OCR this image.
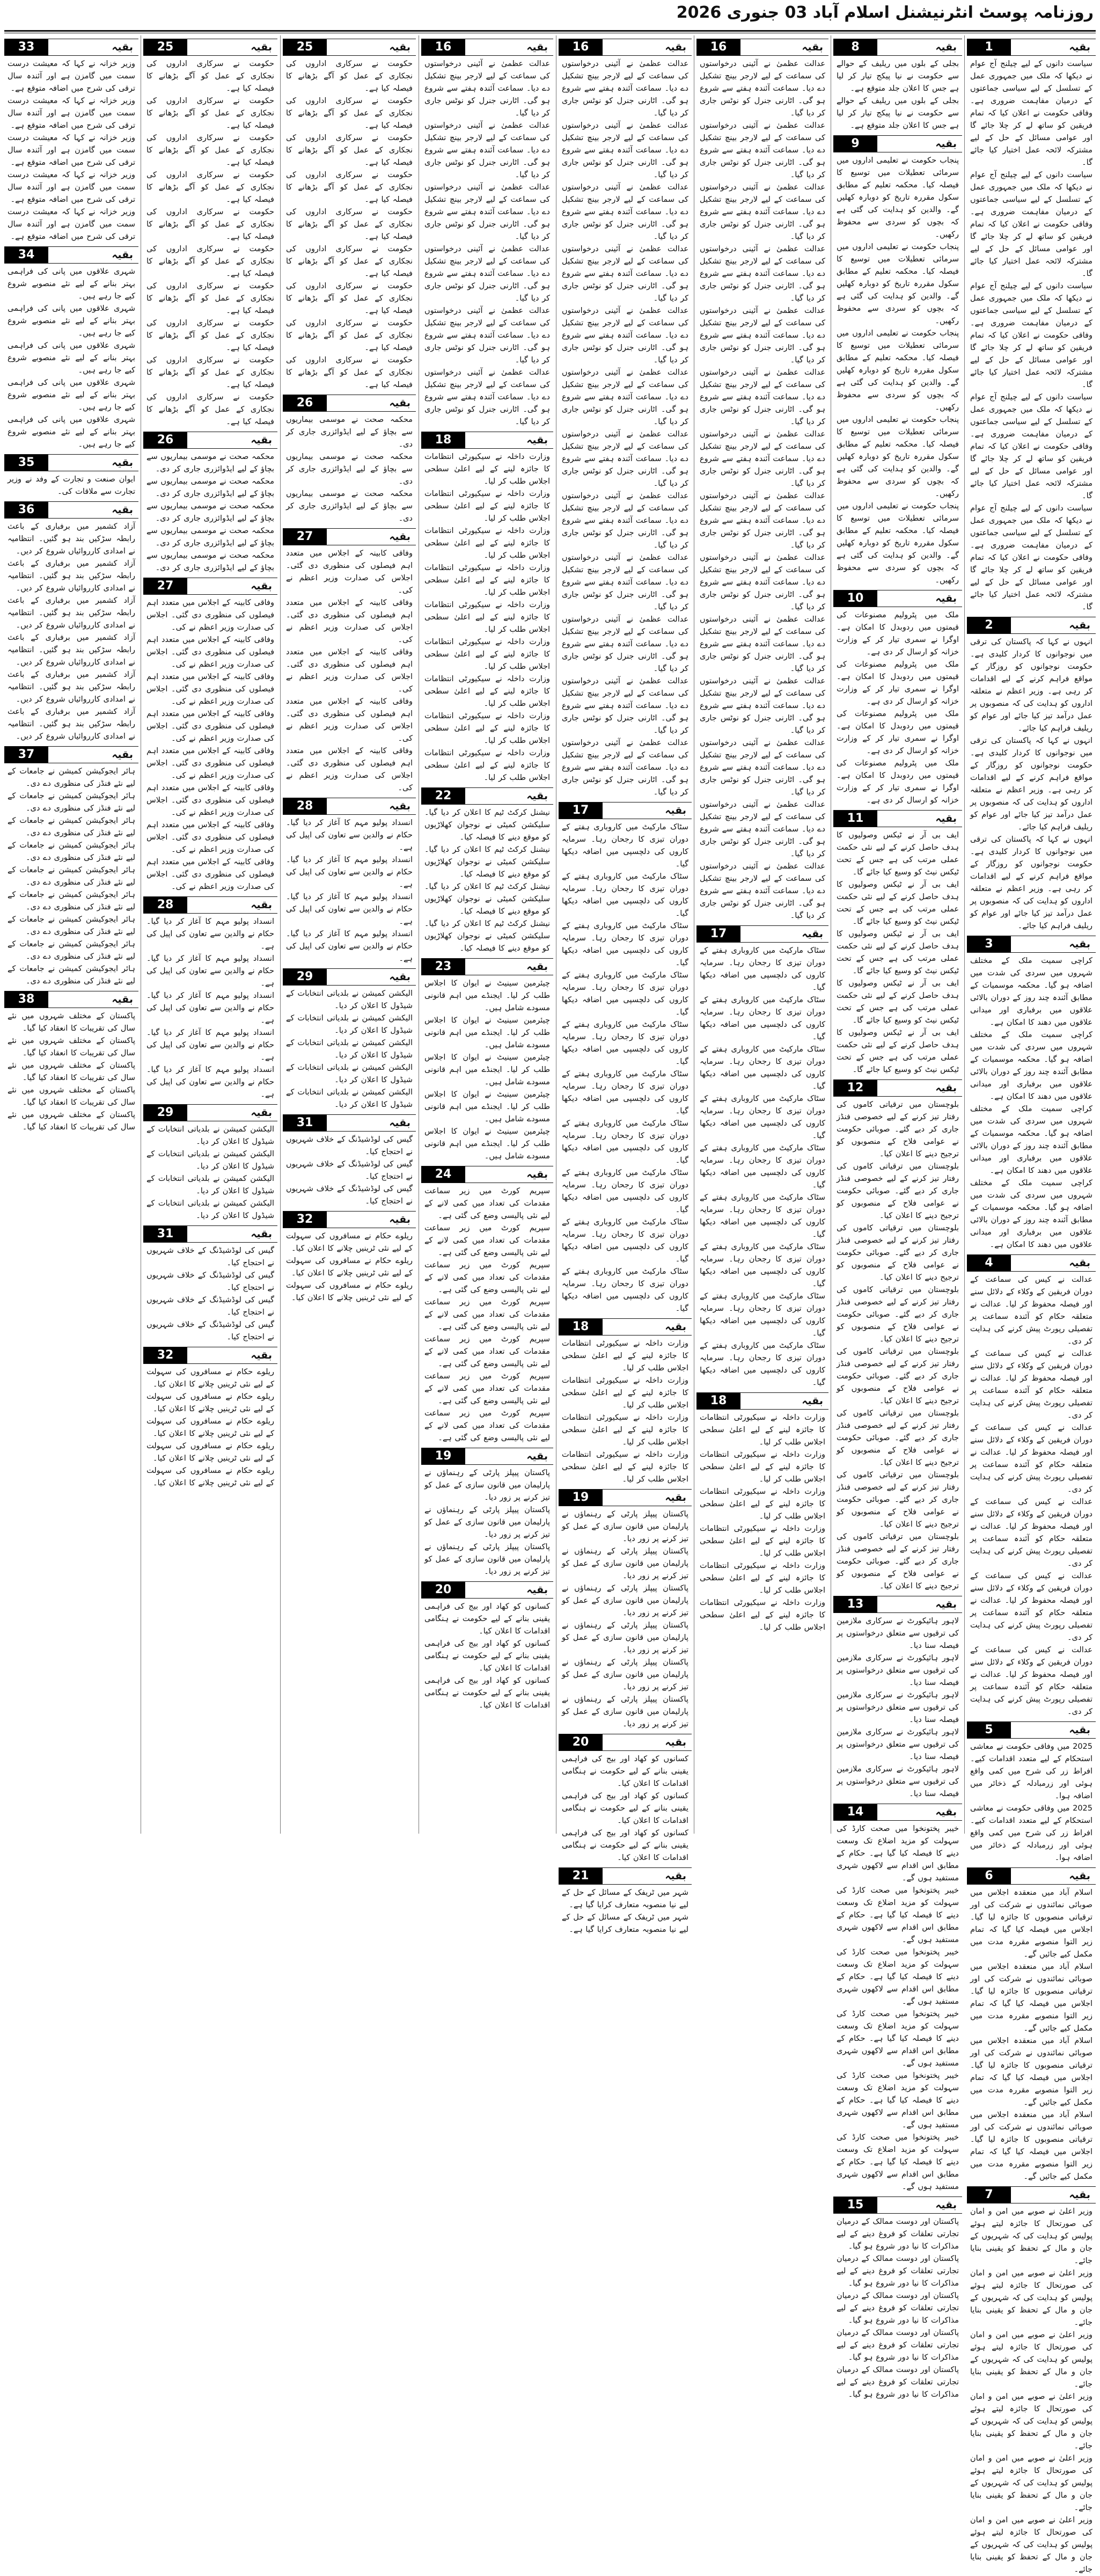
روزنامہ پوسٹ انٹرنیشنل اسلام آباد 03 جنوری 2026
بقیہ
1

سیاست دانوں کے لیے چیلنج آج عوام نے دیکھا کہ ملک میں جمہوری عمل کے تسلسل کے لیے سیاسی جماعتوں کے درمیان مفاہمت ضروری ہے۔ وفاقی حکومت نے اعلان کیا کہ تمام فریقین کو ساتھ لے کر چلا جائے گا اور عوامی مسائل کے حل کے لیے مشترکہ لائحہ عمل اختیار کیا جائے گا۔

سیاست دانوں کے لیے چیلنج آج عوام نے دیکھا کہ ملک میں جمہوری عمل کے تسلسل کے لیے سیاسی جماعتوں کے درمیان مفاہمت ضروری ہے۔ وفاقی حکومت نے اعلان کیا کہ تمام فریقین کو ساتھ لے کر چلا جائے گا اور عوامی مسائل کے حل کے لیے مشترکہ لائحہ عمل اختیار کیا جائے گا۔

سیاست دانوں کے لیے چیلنج آج عوام نے دیکھا کہ ملک میں جمہوری عمل کے تسلسل کے لیے سیاسی جماعتوں کے درمیان مفاہمت ضروری ہے۔ وفاقی حکومت نے اعلان کیا کہ تمام فریقین کو ساتھ لے کر چلا جائے گا اور عوامی مسائل کے حل کے لیے مشترکہ لائحہ عمل اختیار کیا جائے گا۔

سیاست دانوں کے لیے چیلنج آج عوام نے دیکھا کہ ملک میں جمہوری عمل کے تسلسل کے لیے سیاسی جماعتوں کے درمیان مفاہمت ضروری ہے۔ وفاقی حکومت نے اعلان کیا کہ تمام فریقین کو ساتھ لے کر چلا جائے گا اور عوامی مسائل کے حل کے لیے مشترکہ لائحہ عمل اختیار کیا جائے گا۔

سیاست دانوں کے لیے چیلنج آج عوام نے دیکھا کہ ملک میں جمہوری عمل کے تسلسل کے لیے سیاسی جماعتوں کے درمیان مفاہمت ضروری ہے۔ وفاقی حکومت نے اعلان کیا کہ تمام فریقین کو ساتھ لے کر چلا جائے گا اور عوامی مسائل کے حل کے لیے مشترکہ لائحہ عمل اختیار کیا جائے گا۔

بقیہ
2

انہوں نے کہا کہ پاکستان کی ترقی میں نوجوانوں کا کردار کلیدی ہے۔ حکومت نوجوانوں کو روزگار کے مواقع فراہم کرنے کے لیے اقدامات کر رہی ہے۔ وزیر اعظم نے متعلقہ اداروں کو ہدایت کی کہ منصوبوں پر عمل درآمد تیز کیا جائے اور عوام کو ریلیف فراہم کیا جائے۔

انہوں نے کہا کہ پاکستان کی ترقی میں نوجوانوں کا کردار کلیدی ہے۔ حکومت نوجوانوں کو روزگار کے مواقع فراہم کرنے کے لیے اقدامات کر رہی ہے۔ وزیر اعظم نے متعلقہ اداروں کو ہدایت کی کہ منصوبوں پر عمل درآمد تیز کیا جائے اور عوام کو ریلیف فراہم کیا جائے۔

انہوں نے کہا کہ پاکستان کی ترقی میں نوجوانوں کا کردار کلیدی ہے۔ حکومت نوجوانوں کو روزگار کے مواقع فراہم کرنے کے لیے اقدامات کر رہی ہے۔ وزیر اعظم نے متعلقہ اداروں کو ہدایت کی کہ منصوبوں پر عمل درآمد تیز کیا جائے اور عوام کو ریلیف فراہم کیا جائے۔

بقیہ
3

کراچی سمیت ملک کے مختلف شہروں میں سردی کی شدت میں اضافہ ہو گیا۔ محکمہ موسمیات کے مطابق آئندہ چند روز کے دوران بالائی علاقوں میں برفباری اور میدانی علاقوں میں دھند کا امکان ہے۔

کراچی سمیت ملک کے مختلف شہروں میں سردی کی شدت میں اضافہ ہو گیا۔ محکمہ موسمیات کے مطابق آئندہ چند روز کے دوران بالائی علاقوں میں برفباری اور میدانی علاقوں میں دھند کا امکان ہے۔

کراچی سمیت ملک کے مختلف شہروں میں سردی کی شدت میں اضافہ ہو گیا۔ محکمہ موسمیات کے مطابق آئندہ چند روز کے دوران بالائی علاقوں میں برفباری اور میدانی علاقوں میں دھند کا امکان ہے۔

کراچی سمیت ملک کے مختلف شہروں میں سردی کی شدت میں اضافہ ہو گیا۔ محکمہ موسمیات کے مطابق آئندہ چند روز کے دوران بالائی علاقوں میں برفباری اور میدانی علاقوں میں دھند کا امکان ہے۔

بقیہ
4

عدالت نے کیس کی سماعت کے دوران فریقین کے وکلاء کے دلائل سنے اور فیصلہ محفوظ کر لیا۔ عدالت نے متعلقہ حکام کو آئندہ سماعت پر تفصیلی رپورٹ پیش کرنے کی ہدایت کر دی۔

عدالت نے کیس کی سماعت کے دوران فریقین کے وکلاء کے دلائل سنے اور فیصلہ محفوظ کر لیا۔ عدالت نے متعلقہ حکام کو آئندہ سماعت پر تفصیلی رپورٹ پیش کرنے کی ہدایت کر دی۔

عدالت نے کیس کی سماعت کے دوران فریقین کے وکلاء کے دلائل سنے اور فیصلہ محفوظ کر لیا۔ عدالت نے متعلقہ حکام کو آئندہ سماعت پر تفصیلی رپورٹ پیش کرنے کی ہدایت کر دی۔

عدالت نے کیس کی سماعت کے دوران فریقین کے وکلاء کے دلائل سنے اور فیصلہ محفوظ کر لیا۔ عدالت نے متعلقہ حکام کو آئندہ سماعت پر تفصیلی رپورٹ پیش کرنے کی ہدایت کر دی۔

عدالت نے کیس کی سماعت کے دوران فریقین کے وکلاء کے دلائل سنے اور فیصلہ محفوظ کر لیا۔ عدالت نے متعلقہ حکام کو آئندہ سماعت پر تفصیلی رپورٹ پیش کرنے کی ہدایت کر دی۔

عدالت نے کیس کی سماعت کے دوران فریقین کے وکلاء کے دلائل سنے اور فیصلہ محفوظ کر لیا۔ عدالت نے متعلقہ حکام کو آئندہ سماعت پر تفصیلی رپورٹ پیش کرنے کی ہدایت کر دی۔

بقیہ
5

2025 میں وفاقی حکومت نے معاشی استحکام کے لیے متعدد اقدامات کیے۔ افراط زر کی شرح میں کمی واقع ہوئی اور زرمبادلہ کے ذخائر میں اضافہ ہوا۔

2025 میں وفاقی حکومت نے معاشی استحکام کے لیے متعدد اقدامات کیے۔ افراط زر کی شرح میں کمی واقع ہوئی اور زرمبادلہ کے ذخائر میں اضافہ ہوا۔

بقیہ
6

اسلام آباد میں منعقدہ اجلاس میں صوبائی نمائندوں نے شرکت کی اور ترقیاتی منصوبوں کا جائزہ لیا گیا۔ اجلاس میں فیصلہ کیا گیا کہ تمام زیر التوا منصوبے مقررہ مدت میں مکمل کیے جائیں گے۔

اسلام آباد میں منعقدہ اجلاس میں صوبائی نمائندوں نے شرکت کی اور ترقیاتی منصوبوں کا جائزہ لیا گیا۔ اجلاس میں فیصلہ کیا گیا کہ تمام زیر التوا منصوبے مقررہ مدت میں مکمل کیے جائیں گے۔

اسلام آباد میں منعقدہ اجلاس میں صوبائی نمائندوں نے شرکت کی اور ترقیاتی منصوبوں کا جائزہ لیا گیا۔ اجلاس میں فیصلہ کیا گیا کہ تمام زیر التوا منصوبے مقررہ مدت میں مکمل کیے جائیں گے۔

اسلام آباد میں منعقدہ اجلاس میں صوبائی نمائندوں نے شرکت کی اور ترقیاتی منصوبوں کا جائزہ لیا گیا۔ اجلاس میں فیصلہ کیا گیا کہ تمام زیر التوا منصوبے مقررہ مدت میں مکمل کیے جائیں گے۔

بقیہ
7

وزیر اعلیٰ نے صوبے میں امن و امان کی صورتحال کا جائزہ لیتے ہوئے پولیس کو ہدایت کی کہ شہریوں کے جان و مال کے تحفظ کو یقینی بنایا جائے۔

وزیر اعلیٰ نے صوبے میں امن و امان کی صورتحال کا جائزہ لیتے ہوئے پولیس کو ہدایت کی کہ شہریوں کے جان و مال کے تحفظ کو یقینی بنایا جائے۔

وزیر اعلیٰ نے صوبے میں امن و امان کی صورتحال کا جائزہ لیتے ہوئے پولیس کو ہدایت کی کہ شہریوں کے جان و مال کے تحفظ کو یقینی بنایا جائے۔

وزیر اعلیٰ نے صوبے میں امن و امان کی صورتحال کا جائزہ لیتے ہوئے پولیس کو ہدایت کی کہ شہریوں کے جان و مال کے تحفظ کو یقینی بنایا جائے۔

وزیر اعلیٰ نے صوبے میں امن و امان کی صورتحال کا جائزہ لیتے ہوئے پولیس کو ہدایت کی کہ شہریوں کے جان و مال کے تحفظ کو یقینی بنایا جائے۔

وزیر اعلیٰ نے صوبے میں امن و امان کی صورتحال کا جائزہ لیتے ہوئے پولیس کو ہدایت کی کہ شہریوں کے جان و مال کے تحفظ کو یقینی بنایا جائے۔

بقیہ
8

بجلی کے بلوں میں ریلیف کے حوالے سے حکومت نے نیا پیکج تیار کر لیا ہے جس کا اعلان جلد متوقع ہے۔

بجلی کے بلوں میں ریلیف کے حوالے سے حکومت نے نیا پیکج تیار کر لیا ہے جس کا اعلان جلد متوقع ہے۔

بقیہ
9

پنجاب حکومت نے تعلیمی اداروں میں سرمائی تعطیلات میں توسیع کا فیصلہ کیا۔ محکمہ تعلیم کے مطابق سکول مقررہ تاریخ کو دوبارہ کھلیں گے۔ والدین کو ہدایت کی گئی ہے کہ بچوں کو سردی سے محفوظ رکھیں۔

پنجاب حکومت نے تعلیمی اداروں میں سرمائی تعطیلات میں توسیع کا فیصلہ کیا۔ محکمہ تعلیم کے مطابق سکول مقررہ تاریخ کو دوبارہ کھلیں گے۔ والدین کو ہدایت کی گئی ہے کہ بچوں کو سردی سے محفوظ رکھیں۔

پنجاب حکومت نے تعلیمی اداروں میں سرمائی تعطیلات میں توسیع کا فیصلہ کیا۔ محکمہ تعلیم کے مطابق سکول مقررہ تاریخ کو دوبارہ کھلیں گے۔ والدین کو ہدایت کی گئی ہے کہ بچوں کو سردی سے محفوظ رکھیں۔

پنجاب حکومت نے تعلیمی اداروں میں سرمائی تعطیلات میں توسیع کا فیصلہ کیا۔ محکمہ تعلیم کے مطابق سکول مقررہ تاریخ کو دوبارہ کھلیں گے۔ والدین کو ہدایت کی گئی ہے کہ بچوں کو سردی سے محفوظ رکھیں۔

پنجاب حکومت نے تعلیمی اداروں میں سرمائی تعطیلات میں توسیع کا فیصلہ کیا۔ محکمہ تعلیم کے مطابق سکول مقررہ تاریخ کو دوبارہ کھلیں گے۔ والدین کو ہدایت کی گئی ہے کہ بچوں کو سردی سے محفوظ رکھیں۔

بقیہ
10

ملک میں پٹرولیم مصنوعات کی قیمتوں میں ردوبدل کا امکان ہے۔ اوگرا نے سمری تیار کر کے وزارت خزانہ کو ارسال کر دی ہے۔

ملک میں پٹرولیم مصنوعات کی قیمتوں میں ردوبدل کا امکان ہے۔ اوگرا نے سمری تیار کر کے وزارت خزانہ کو ارسال کر دی ہے۔

ملک میں پٹرولیم مصنوعات کی قیمتوں میں ردوبدل کا امکان ہے۔ اوگرا نے سمری تیار کر کے وزارت خزانہ کو ارسال کر دی ہے۔

ملک میں پٹرولیم مصنوعات کی قیمتوں میں ردوبدل کا امکان ہے۔ اوگرا نے سمری تیار کر کے وزارت خزانہ کو ارسال کر دی ہے۔

بقیہ
11

ایف بی آر نے ٹیکس وصولیوں کا ہدف حاصل کرنے کے لیے نئی حکمت عملی مرتب کی ہے جس کے تحت ٹیکس نیٹ کو وسیع کیا جائے گا۔

ایف بی آر نے ٹیکس وصولیوں کا ہدف حاصل کرنے کے لیے نئی حکمت عملی مرتب کی ہے جس کے تحت ٹیکس نیٹ کو وسیع کیا جائے گا۔

ایف بی آر نے ٹیکس وصولیوں کا ہدف حاصل کرنے کے لیے نئی حکمت عملی مرتب کی ہے جس کے تحت ٹیکس نیٹ کو وسیع کیا جائے گا۔

ایف بی آر نے ٹیکس وصولیوں کا ہدف حاصل کرنے کے لیے نئی حکمت عملی مرتب کی ہے جس کے تحت ٹیکس نیٹ کو وسیع کیا جائے گا۔

ایف بی آر نے ٹیکس وصولیوں کا ہدف حاصل کرنے کے لیے نئی حکمت عملی مرتب کی ہے جس کے تحت ٹیکس نیٹ کو وسیع کیا جائے گا۔

بقیہ
12

بلوچستان میں ترقیاتی کاموں کی رفتار تیز کرنے کے لیے خصوصی فنڈز جاری کر دیے گئے۔ صوبائی حکومت نے عوامی فلاح کے منصوبوں کو ترجیح دینے کا اعلان کیا۔

بلوچستان میں ترقیاتی کاموں کی رفتار تیز کرنے کے لیے خصوصی فنڈز جاری کر دیے گئے۔ صوبائی حکومت نے عوامی فلاح کے منصوبوں کو ترجیح دینے کا اعلان کیا۔

بلوچستان میں ترقیاتی کاموں کی رفتار تیز کرنے کے لیے خصوصی فنڈز جاری کر دیے گئے۔ صوبائی حکومت نے عوامی فلاح کے منصوبوں کو ترجیح دینے کا اعلان کیا۔

بلوچستان میں ترقیاتی کاموں کی رفتار تیز کرنے کے لیے خصوصی فنڈز جاری کر دیے گئے۔ صوبائی حکومت نے عوامی فلاح کے منصوبوں کو ترجیح دینے کا اعلان کیا۔

بلوچستان میں ترقیاتی کاموں کی رفتار تیز کرنے کے لیے خصوصی فنڈز جاری کر دیے گئے۔ صوبائی حکومت نے عوامی فلاح کے منصوبوں کو ترجیح دینے کا اعلان کیا۔

بلوچستان میں ترقیاتی کاموں کی رفتار تیز کرنے کے لیے خصوصی فنڈز جاری کر دیے گئے۔ صوبائی حکومت نے عوامی فلاح کے منصوبوں کو ترجیح دینے کا اعلان کیا۔

بلوچستان میں ترقیاتی کاموں کی رفتار تیز کرنے کے لیے خصوصی فنڈز جاری کر دیے گئے۔ صوبائی حکومت نے عوامی فلاح کے منصوبوں کو ترجیح دینے کا اعلان کیا۔

بلوچستان میں ترقیاتی کاموں کی رفتار تیز کرنے کے لیے خصوصی فنڈز جاری کر دیے گئے۔ صوبائی حکومت نے عوامی فلاح کے منصوبوں کو ترجیح دینے کا اعلان کیا۔

بقیہ
13

لاہور ہائیکورٹ نے سرکاری ملازمین کی ترقیوں سے متعلق درخواستوں پر فیصلہ سنا دیا۔

لاہور ہائیکورٹ نے سرکاری ملازمین کی ترقیوں سے متعلق درخواستوں پر فیصلہ سنا دیا۔

لاہور ہائیکورٹ نے سرکاری ملازمین کی ترقیوں سے متعلق درخواستوں پر فیصلہ سنا دیا۔

لاہور ہائیکورٹ نے سرکاری ملازمین کی ترقیوں سے متعلق درخواستوں پر فیصلہ سنا دیا۔

لاہور ہائیکورٹ نے سرکاری ملازمین کی ترقیوں سے متعلق درخواستوں پر فیصلہ سنا دیا۔

بقیہ
14

خیبر پختونخوا میں صحت کارڈ کی سہولت کو مزید اضلاع تک وسعت دینے کا فیصلہ کیا گیا ہے۔ حکام کے مطابق اس اقدام سے لاکھوں شہری مستفید ہوں گے۔

خیبر پختونخوا میں صحت کارڈ کی سہولت کو مزید اضلاع تک وسعت دینے کا فیصلہ کیا گیا ہے۔ حکام کے مطابق اس اقدام سے لاکھوں شہری مستفید ہوں گے۔

خیبر پختونخوا میں صحت کارڈ کی سہولت کو مزید اضلاع تک وسعت دینے کا فیصلہ کیا گیا ہے۔ حکام کے مطابق اس اقدام سے لاکھوں شہری مستفید ہوں گے۔

خیبر پختونخوا میں صحت کارڈ کی سہولت کو مزید اضلاع تک وسعت دینے کا فیصلہ کیا گیا ہے۔ حکام کے مطابق اس اقدام سے لاکھوں شہری مستفید ہوں گے۔

خیبر پختونخوا میں صحت کارڈ کی سہولت کو مزید اضلاع تک وسعت دینے کا فیصلہ کیا گیا ہے۔ حکام کے مطابق اس اقدام سے لاکھوں شہری مستفید ہوں گے۔

خیبر پختونخوا میں صحت کارڈ کی سہولت کو مزید اضلاع تک وسعت دینے کا فیصلہ کیا گیا ہے۔ حکام کے مطابق اس اقدام سے لاکھوں شہری مستفید ہوں گے۔

بقیہ
15

پاکستان اور دوست ممالک کے درمیان تجارتی تعلقات کو فروغ دینے کے لیے مذاکرات کا نیا دور شروع ہو گیا۔

پاکستان اور دوست ممالک کے درمیان تجارتی تعلقات کو فروغ دینے کے لیے مذاکرات کا نیا دور شروع ہو گیا۔

پاکستان اور دوست ممالک کے درمیان تجارتی تعلقات کو فروغ دینے کے لیے مذاکرات کا نیا دور شروع ہو گیا۔

پاکستان اور دوست ممالک کے درمیان تجارتی تعلقات کو فروغ دینے کے لیے مذاکرات کا نیا دور شروع ہو گیا۔

پاکستان اور دوست ممالک کے درمیان تجارتی تعلقات کو فروغ دینے کے لیے مذاکرات کا نیا دور شروع ہو گیا۔

بقیہ
16

عدالت عظمیٰ نے آئینی درخواستوں کی سماعت کے لیے لارجر بینچ تشکیل دے دیا۔ سماعت آئندہ ہفتے سے شروع ہو گی۔ اٹارنی جنرل کو نوٹس جاری کر دیا گیا۔

عدالت عظمیٰ نے آئینی درخواستوں کی سماعت کے لیے لارجر بینچ تشکیل دے دیا۔ سماعت آئندہ ہفتے سے شروع ہو گی۔ اٹارنی جنرل کو نوٹس جاری کر دیا گیا۔

عدالت عظمیٰ نے آئینی درخواستوں کی سماعت کے لیے لارجر بینچ تشکیل دے دیا۔ سماعت آئندہ ہفتے سے شروع ہو گی۔ اٹارنی جنرل کو نوٹس جاری کر دیا گیا۔

عدالت عظمیٰ نے آئینی درخواستوں کی سماعت کے لیے لارجر بینچ تشکیل دے دیا۔ سماعت آئندہ ہفتے سے شروع ہو گی۔ اٹارنی جنرل کو نوٹس جاری کر دیا گیا۔

عدالت عظمیٰ نے آئینی درخواستوں کی سماعت کے لیے لارجر بینچ تشکیل دے دیا۔ سماعت آئندہ ہفتے سے شروع ہو گی۔ اٹارنی جنرل کو نوٹس جاری کر دیا گیا۔

عدالت عظمیٰ نے آئینی درخواستوں کی سماعت کے لیے لارجر بینچ تشکیل دے دیا۔ سماعت آئندہ ہفتے سے شروع ہو گی۔ اٹارنی جنرل کو نوٹس جاری کر دیا گیا۔

عدالت عظمیٰ نے آئینی درخواستوں کی سماعت کے لیے لارجر بینچ تشکیل دے دیا۔ سماعت آئندہ ہفتے سے شروع ہو گی۔ اٹارنی جنرل کو نوٹس جاری کر دیا گیا۔

عدالت عظمیٰ نے آئینی درخواستوں کی سماعت کے لیے لارجر بینچ تشکیل دے دیا۔ سماعت آئندہ ہفتے سے شروع ہو گی۔ اٹارنی جنرل کو نوٹس جاری کر دیا گیا۔

عدالت عظمیٰ نے آئینی درخواستوں کی سماعت کے لیے لارجر بینچ تشکیل دے دیا۔ سماعت آئندہ ہفتے سے شروع ہو گی۔ اٹارنی جنرل کو نوٹس جاری کر دیا گیا۔

عدالت عظمیٰ نے آئینی درخواستوں کی سماعت کے لیے لارجر بینچ تشکیل دے دیا۔ سماعت آئندہ ہفتے سے شروع ہو گی۔ اٹارنی جنرل کو نوٹس جاری کر دیا گیا۔

عدالت عظمیٰ نے آئینی درخواستوں کی سماعت کے لیے لارجر بینچ تشکیل دے دیا۔ سماعت آئندہ ہفتے سے شروع ہو گی۔ اٹارنی جنرل کو نوٹس جاری کر دیا گیا۔

عدالت عظمیٰ نے آئینی درخواستوں کی سماعت کے لیے لارجر بینچ تشکیل دے دیا۔ سماعت آئندہ ہفتے سے شروع ہو گی۔ اٹارنی جنرل کو نوٹس جاری کر دیا گیا۔

عدالت عظمیٰ نے آئینی درخواستوں کی سماعت کے لیے لارجر بینچ تشکیل دے دیا۔ سماعت آئندہ ہفتے سے شروع ہو گی۔ اٹارنی جنرل کو نوٹس جاری کر دیا گیا۔

عدالت عظمیٰ نے آئینی درخواستوں کی سماعت کے لیے لارجر بینچ تشکیل دے دیا۔ سماعت آئندہ ہفتے سے شروع ہو گی۔ اٹارنی جنرل کو نوٹس جاری کر دیا گیا۔

بقیہ
17

سٹاک مارکیٹ میں کاروباری ہفتے کے دوران تیزی کا رجحان رہا۔ سرمایہ کاروں کی دلچسپی میں اضافہ دیکھا گیا۔

سٹاک مارکیٹ میں کاروباری ہفتے کے دوران تیزی کا رجحان رہا۔ سرمایہ کاروں کی دلچسپی میں اضافہ دیکھا گیا۔

سٹاک مارکیٹ میں کاروباری ہفتے کے دوران تیزی کا رجحان رہا۔ سرمایہ کاروں کی دلچسپی میں اضافہ دیکھا گیا۔

سٹاک مارکیٹ میں کاروباری ہفتے کے دوران تیزی کا رجحان رہا۔ سرمایہ کاروں کی دلچسپی میں اضافہ دیکھا گیا۔

سٹاک مارکیٹ میں کاروباری ہفتے کے دوران تیزی کا رجحان رہا۔ سرمایہ کاروں کی دلچسپی میں اضافہ دیکھا گیا۔

سٹاک مارکیٹ میں کاروباری ہفتے کے دوران تیزی کا رجحان رہا۔ سرمایہ کاروں کی دلچسپی میں اضافہ دیکھا گیا۔

سٹاک مارکیٹ میں کاروباری ہفتے کے دوران تیزی کا رجحان رہا۔ سرمایہ کاروں کی دلچسپی میں اضافہ دیکھا گیا۔

سٹاک مارکیٹ میں کاروباری ہفتے کے دوران تیزی کا رجحان رہا۔ سرمایہ کاروں کی دلچسپی میں اضافہ دیکھا گیا۔

سٹاک مارکیٹ میں کاروباری ہفتے کے دوران تیزی کا رجحان رہا۔ سرمایہ کاروں کی دلچسپی میں اضافہ دیکھا گیا۔

بقیہ
18

وزارت داخلہ نے سیکیورٹی انتظامات کا جائزہ لینے کے لیے اعلیٰ سطحی اجلاس طلب کر لیا۔

وزارت داخلہ نے سیکیورٹی انتظامات کا جائزہ لینے کے لیے اعلیٰ سطحی اجلاس طلب کر لیا۔

وزارت داخلہ نے سیکیورٹی انتظامات کا جائزہ لینے کے لیے اعلیٰ سطحی اجلاس طلب کر لیا۔

وزارت داخلہ نے سیکیورٹی انتظامات کا جائزہ لینے کے لیے اعلیٰ سطحی اجلاس طلب کر لیا۔

وزارت داخلہ نے سیکیورٹی انتظامات کا جائزہ لینے کے لیے اعلیٰ سطحی اجلاس طلب کر لیا۔

وزارت داخلہ نے سیکیورٹی انتظامات کا جائزہ لینے کے لیے اعلیٰ سطحی اجلاس طلب کر لیا۔

بقیہ
16

عدالت عظمیٰ نے آئینی درخواستوں کی سماعت کے لیے لارجر بینچ تشکیل دے دیا۔ سماعت آئندہ ہفتے سے شروع ہو گی۔ اٹارنی جنرل کو نوٹس جاری کر دیا گیا۔

عدالت عظمیٰ نے آئینی درخواستوں کی سماعت کے لیے لارجر بینچ تشکیل دے دیا۔ سماعت آئندہ ہفتے سے شروع ہو گی۔ اٹارنی جنرل کو نوٹس جاری کر دیا گیا۔

عدالت عظمیٰ نے آئینی درخواستوں کی سماعت کے لیے لارجر بینچ تشکیل دے دیا۔ سماعت آئندہ ہفتے سے شروع ہو گی۔ اٹارنی جنرل کو نوٹس جاری کر دیا گیا۔

عدالت عظمیٰ نے آئینی درخواستوں کی سماعت کے لیے لارجر بینچ تشکیل دے دیا۔ سماعت آئندہ ہفتے سے شروع ہو گی۔ اٹارنی جنرل کو نوٹس جاری کر دیا گیا۔

عدالت عظمیٰ نے آئینی درخواستوں کی سماعت کے لیے لارجر بینچ تشکیل دے دیا۔ سماعت آئندہ ہفتے سے شروع ہو گی۔ اٹارنی جنرل کو نوٹس جاری کر دیا گیا۔

عدالت عظمیٰ نے آئینی درخواستوں کی سماعت کے لیے لارجر بینچ تشکیل دے دیا۔ سماعت آئندہ ہفتے سے شروع ہو گی۔ اٹارنی جنرل کو نوٹس جاری کر دیا گیا۔

عدالت عظمیٰ نے آئینی درخواستوں کی سماعت کے لیے لارجر بینچ تشکیل دے دیا۔ سماعت آئندہ ہفتے سے شروع ہو گی۔ اٹارنی جنرل کو نوٹس جاری کر دیا گیا۔

عدالت عظمیٰ نے آئینی درخواستوں کی سماعت کے لیے لارجر بینچ تشکیل دے دیا۔ سماعت آئندہ ہفتے سے شروع ہو گی۔ اٹارنی جنرل کو نوٹس جاری کر دیا گیا۔

عدالت عظمیٰ نے آئینی درخواستوں کی سماعت کے لیے لارجر بینچ تشکیل دے دیا۔ سماعت آئندہ ہفتے سے شروع ہو گی۔ اٹارنی جنرل کو نوٹس جاری کر دیا گیا۔

عدالت عظمیٰ نے آئینی درخواستوں کی سماعت کے لیے لارجر بینچ تشکیل دے دیا۔ سماعت آئندہ ہفتے سے شروع ہو گی۔ اٹارنی جنرل کو نوٹس جاری کر دیا گیا۔

عدالت عظمیٰ نے آئینی درخواستوں کی سماعت کے لیے لارجر بینچ تشکیل دے دیا۔ سماعت آئندہ ہفتے سے شروع ہو گی۔ اٹارنی جنرل کو نوٹس جاری کر دیا گیا۔

عدالت عظمیٰ نے آئینی درخواستوں کی سماعت کے لیے لارجر بینچ تشکیل دے دیا۔ سماعت آئندہ ہفتے سے شروع ہو گی۔ اٹارنی جنرل کو نوٹس جاری کر دیا گیا۔

بقیہ
17

سٹاک مارکیٹ میں کاروباری ہفتے کے دوران تیزی کا رجحان رہا۔ سرمایہ کاروں کی دلچسپی میں اضافہ دیکھا گیا۔

سٹاک مارکیٹ میں کاروباری ہفتے کے دوران تیزی کا رجحان رہا۔ سرمایہ کاروں کی دلچسپی میں اضافہ دیکھا گیا۔

سٹاک مارکیٹ میں کاروباری ہفتے کے دوران تیزی کا رجحان رہا۔ سرمایہ کاروں کی دلچسپی میں اضافہ دیکھا گیا۔

سٹاک مارکیٹ میں کاروباری ہفتے کے دوران تیزی کا رجحان رہا۔ سرمایہ کاروں کی دلچسپی میں اضافہ دیکھا گیا۔

سٹاک مارکیٹ میں کاروباری ہفتے کے دوران تیزی کا رجحان رہا۔ سرمایہ کاروں کی دلچسپی میں اضافہ دیکھا گیا۔

سٹاک مارکیٹ میں کاروباری ہفتے کے دوران تیزی کا رجحان رہا۔ سرمایہ کاروں کی دلچسپی میں اضافہ دیکھا گیا۔

سٹاک مارکیٹ میں کاروباری ہفتے کے دوران تیزی کا رجحان رہا۔ سرمایہ کاروں کی دلچسپی میں اضافہ دیکھا گیا۔

سٹاک مارکیٹ میں کاروباری ہفتے کے دوران تیزی کا رجحان رہا۔ سرمایہ کاروں کی دلچسپی میں اضافہ دیکھا گیا۔

سٹاک مارکیٹ میں کاروباری ہفتے کے دوران تیزی کا رجحان رہا۔ سرمایہ کاروں کی دلچسپی میں اضافہ دیکھا گیا۔

سٹاک مارکیٹ میں کاروباری ہفتے کے دوران تیزی کا رجحان رہا۔ سرمایہ کاروں کی دلچسپی میں اضافہ دیکھا گیا۔

بقیہ
18

وزارت داخلہ نے سیکیورٹی انتظامات کا جائزہ لینے کے لیے اعلیٰ سطحی اجلاس طلب کر لیا۔

وزارت داخلہ نے سیکیورٹی انتظامات کا جائزہ لینے کے لیے اعلیٰ سطحی اجلاس طلب کر لیا۔

وزارت داخلہ نے سیکیورٹی انتظامات کا جائزہ لینے کے لیے اعلیٰ سطحی اجلاس طلب کر لیا۔

وزارت داخلہ نے سیکیورٹی انتظامات کا جائزہ لینے کے لیے اعلیٰ سطحی اجلاس طلب کر لیا۔

بقیہ
19

پاکستان پیپلز پارٹی کے رہنماؤں نے پارلیمان میں قانون سازی کے عمل کو تیز کرنے پر زور دیا۔

پاکستان پیپلز پارٹی کے رہنماؤں نے پارلیمان میں قانون سازی کے عمل کو تیز کرنے پر زور دیا۔

پاکستان پیپلز پارٹی کے رہنماؤں نے پارلیمان میں قانون سازی کے عمل کو تیز کرنے پر زور دیا۔

پاکستان پیپلز پارٹی کے رہنماؤں نے پارلیمان میں قانون سازی کے عمل کو تیز کرنے پر زور دیا۔

پاکستان پیپلز پارٹی کے رہنماؤں نے پارلیمان میں قانون سازی کے عمل کو تیز کرنے پر زور دیا۔

پاکستان پیپلز پارٹی کے رہنماؤں نے پارلیمان میں قانون سازی کے عمل کو تیز کرنے پر زور دیا۔

بقیہ
20

کسانوں کو کھاد اور بیج کی فراہمی یقینی بنانے کے لیے حکومت نے ہنگامی اقدامات کا اعلان کیا۔

کسانوں کو کھاد اور بیج کی فراہمی یقینی بنانے کے لیے حکومت نے ہنگامی اقدامات کا اعلان کیا۔

کسانوں کو کھاد اور بیج کی فراہمی یقینی بنانے کے لیے حکومت نے ہنگامی اقدامات کا اعلان کیا۔

بقیہ
21

شہر میں ٹریفک کے مسائل کے حل کے لیے نیا منصوبہ متعارف کرایا گیا ہے۔

شہر میں ٹریفک کے مسائل کے حل کے لیے نیا منصوبہ متعارف کرایا گیا ہے۔

بقیہ
16

عدالت عظمیٰ نے آئینی درخواستوں کی سماعت کے لیے لارجر بینچ تشکیل دے دیا۔ سماعت آئندہ ہفتے سے شروع ہو گی۔ اٹارنی جنرل کو نوٹس جاری کر دیا گیا۔

عدالت عظمیٰ نے آئینی درخواستوں کی سماعت کے لیے لارجر بینچ تشکیل دے دیا۔ سماعت آئندہ ہفتے سے شروع ہو گی۔ اٹارنی جنرل کو نوٹس جاری کر دیا گیا۔

عدالت عظمیٰ نے آئینی درخواستوں کی سماعت کے لیے لارجر بینچ تشکیل دے دیا۔ سماعت آئندہ ہفتے سے شروع ہو گی۔ اٹارنی جنرل کو نوٹس جاری کر دیا گیا۔

عدالت عظمیٰ نے آئینی درخواستوں کی سماعت کے لیے لارجر بینچ تشکیل دے دیا۔ سماعت آئندہ ہفتے سے شروع ہو گی۔ اٹارنی جنرل کو نوٹس جاری کر دیا گیا۔

عدالت عظمیٰ نے آئینی درخواستوں کی سماعت کے لیے لارجر بینچ تشکیل دے دیا۔ سماعت آئندہ ہفتے سے شروع ہو گی۔ اٹارنی جنرل کو نوٹس جاری کر دیا گیا۔

عدالت عظمیٰ نے آئینی درخواستوں کی سماعت کے لیے لارجر بینچ تشکیل دے دیا۔ سماعت آئندہ ہفتے سے شروع ہو گی۔ اٹارنی جنرل کو نوٹس جاری کر دیا گیا۔

بقیہ
18

وزارت داخلہ نے سیکیورٹی انتظامات کا جائزہ لینے کے لیے اعلیٰ سطحی اجلاس طلب کر لیا۔

وزارت داخلہ نے سیکیورٹی انتظامات کا جائزہ لینے کے لیے اعلیٰ سطحی اجلاس طلب کر لیا۔

وزارت داخلہ نے سیکیورٹی انتظامات کا جائزہ لینے کے لیے اعلیٰ سطحی اجلاس طلب کر لیا۔

وزارت داخلہ نے سیکیورٹی انتظامات کا جائزہ لینے کے لیے اعلیٰ سطحی اجلاس طلب کر لیا۔

وزارت داخلہ نے سیکیورٹی انتظامات کا جائزہ لینے کے لیے اعلیٰ سطحی اجلاس طلب کر لیا۔

وزارت داخلہ نے سیکیورٹی انتظامات کا جائزہ لینے کے لیے اعلیٰ سطحی اجلاس طلب کر لیا۔

وزارت داخلہ نے سیکیورٹی انتظامات کا جائزہ لینے کے لیے اعلیٰ سطحی اجلاس طلب کر لیا۔

وزارت داخلہ نے سیکیورٹی انتظامات کا جائزہ لینے کے لیے اعلیٰ سطحی اجلاس طلب کر لیا۔

وزارت داخلہ نے سیکیورٹی انتظامات کا جائزہ لینے کے لیے اعلیٰ سطحی اجلاس طلب کر لیا۔

بقیہ
22

نیشنل کرکٹ ٹیم کا اعلان کر دیا گیا۔ سلیکشن کمیٹی نے نوجوان کھلاڑیوں کو موقع دینے کا فیصلہ کیا۔

نیشنل کرکٹ ٹیم کا اعلان کر دیا گیا۔ سلیکشن کمیٹی نے نوجوان کھلاڑیوں کو موقع دینے کا فیصلہ کیا۔

نیشنل کرکٹ ٹیم کا اعلان کر دیا گیا۔ سلیکشن کمیٹی نے نوجوان کھلاڑیوں کو موقع دینے کا فیصلہ کیا۔

نیشنل کرکٹ ٹیم کا اعلان کر دیا گیا۔ سلیکشن کمیٹی نے نوجوان کھلاڑیوں کو موقع دینے کا فیصلہ کیا۔

بقیہ
23

چیئرمین سینیٹ نے ایوان کا اجلاس طلب کر لیا۔ ایجنڈے میں اہم قانونی مسودے شامل ہیں۔

چیئرمین سینیٹ نے ایوان کا اجلاس طلب کر لیا۔ ایجنڈے میں اہم قانونی مسودے شامل ہیں۔

چیئرمین سینیٹ نے ایوان کا اجلاس طلب کر لیا۔ ایجنڈے میں اہم قانونی مسودے شامل ہیں۔

چیئرمین سینیٹ نے ایوان کا اجلاس طلب کر لیا۔ ایجنڈے میں اہم قانونی مسودے شامل ہیں۔

چیئرمین سینیٹ نے ایوان کا اجلاس طلب کر لیا۔ ایجنڈے میں اہم قانونی مسودے شامل ہیں۔

بقیہ
24

سپریم کورٹ میں زیر سماعت مقدمات کی تعداد میں کمی لانے کے لیے نئی پالیسی وضع کی گئی ہے۔

سپریم کورٹ میں زیر سماعت مقدمات کی تعداد میں کمی لانے کے لیے نئی پالیسی وضع کی گئی ہے۔

سپریم کورٹ میں زیر سماعت مقدمات کی تعداد میں کمی لانے کے لیے نئی پالیسی وضع کی گئی ہے۔

سپریم کورٹ میں زیر سماعت مقدمات کی تعداد میں کمی لانے کے لیے نئی پالیسی وضع کی گئی ہے۔

سپریم کورٹ میں زیر سماعت مقدمات کی تعداد میں کمی لانے کے لیے نئی پالیسی وضع کی گئی ہے۔

سپریم کورٹ میں زیر سماعت مقدمات کی تعداد میں کمی لانے کے لیے نئی پالیسی وضع کی گئی ہے۔

سپریم کورٹ میں زیر سماعت مقدمات کی تعداد میں کمی لانے کے لیے نئی پالیسی وضع کی گئی ہے۔

بقیہ
19

پاکستان پیپلز پارٹی کے رہنماؤں نے پارلیمان میں قانون سازی کے عمل کو تیز کرنے پر زور دیا۔

پاکستان پیپلز پارٹی کے رہنماؤں نے پارلیمان میں قانون سازی کے عمل کو تیز کرنے پر زور دیا۔

پاکستان پیپلز پارٹی کے رہنماؤں نے پارلیمان میں قانون سازی کے عمل کو تیز کرنے پر زور دیا۔

بقیہ
20

کسانوں کو کھاد اور بیج کی فراہمی یقینی بنانے کے لیے حکومت نے ہنگامی اقدامات کا اعلان کیا۔

کسانوں کو کھاد اور بیج کی فراہمی یقینی بنانے کے لیے حکومت نے ہنگامی اقدامات کا اعلان کیا۔

کسانوں کو کھاد اور بیج کی فراہمی یقینی بنانے کے لیے حکومت نے ہنگامی اقدامات کا اعلان کیا۔

بقیہ
25

حکومت نے سرکاری اداروں کی نجکاری کے عمل کو آگے بڑھانے کا فیصلہ کیا ہے۔

حکومت نے سرکاری اداروں کی نجکاری کے عمل کو آگے بڑھانے کا فیصلہ کیا ہے۔

حکومت نے سرکاری اداروں کی نجکاری کے عمل کو آگے بڑھانے کا فیصلہ کیا ہے۔

حکومت نے سرکاری اداروں کی نجکاری کے عمل کو آگے بڑھانے کا فیصلہ کیا ہے۔

حکومت نے سرکاری اداروں کی نجکاری کے عمل کو آگے بڑھانے کا فیصلہ کیا ہے۔

حکومت نے سرکاری اداروں کی نجکاری کے عمل کو آگے بڑھانے کا فیصلہ کیا ہے۔

حکومت نے سرکاری اداروں کی نجکاری کے عمل کو آگے بڑھانے کا فیصلہ کیا ہے۔

حکومت نے سرکاری اداروں کی نجکاری کے عمل کو آگے بڑھانے کا فیصلہ کیا ہے۔

حکومت نے سرکاری اداروں کی نجکاری کے عمل کو آگے بڑھانے کا فیصلہ کیا ہے۔

بقیہ
26

محکمہ صحت نے موسمی بیماریوں سے بچاؤ کے لیے ایڈوائزری جاری کر دی۔

محکمہ صحت نے موسمی بیماریوں سے بچاؤ کے لیے ایڈوائزری جاری کر دی۔

محکمہ صحت نے موسمی بیماریوں سے بچاؤ کے لیے ایڈوائزری جاری کر دی۔

بقیہ
27

وفاقی کابینہ کے اجلاس میں متعدد اہم فیصلوں کی منظوری دی گئی۔ اجلاس کی صدارت وزیر اعظم نے کی۔

وفاقی کابینہ کے اجلاس میں متعدد اہم فیصلوں کی منظوری دی گئی۔ اجلاس کی صدارت وزیر اعظم نے کی۔

وفاقی کابینہ کے اجلاس میں متعدد اہم فیصلوں کی منظوری دی گئی۔ اجلاس کی صدارت وزیر اعظم نے کی۔

وفاقی کابینہ کے اجلاس میں متعدد اہم فیصلوں کی منظوری دی گئی۔ اجلاس کی صدارت وزیر اعظم نے کی۔

وفاقی کابینہ کے اجلاس میں متعدد اہم فیصلوں کی منظوری دی گئی۔ اجلاس کی صدارت وزیر اعظم نے کی۔

بقیہ
28

انسداد پولیو مہم کا آغاز کر دیا گیا۔ حکام نے والدین سے تعاون کی اپیل کی ہے۔

انسداد پولیو مہم کا آغاز کر دیا گیا۔ حکام نے والدین سے تعاون کی اپیل کی ہے۔

انسداد پولیو مہم کا آغاز کر دیا گیا۔ حکام نے والدین سے تعاون کی اپیل کی ہے۔

انسداد پولیو مہم کا آغاز کر دیا گیا۔ حکام نے والدین سے تعاون کی اپیل کی ہے۔

بقیہ
29

الیکشن کمیشن نے بلدیاتی انتخابات کے شیڈول کا اعلان کر دیا۔

الیکشن کمیشن نے بلدیاتی انتخابات کے شیڈول کا اعلان کر دیا۔

الیکشن کمیشن نے بلدیاتی انتخابات کے شیڈول کا اعلان کر دیا۔

الیکشن کمیشن نے بلدیاتی انتخابات کے شیڈول کا اعلان کر دیا۔

الیکشن کمیشن نے بلدیاتی انتخابات کے شیڈول کا اعلان کر دیا۔

بقیہ
31

گیس کی لوڈشیڈنگ کے خلاف شہریوں نے احتجاج کیا۔

گیس کی لوڈشیڈنگ کے خلاف شہریوں نے احتجاج کیا۔

گیس کی لوڈشیڈنگ کے خلاف شہریوں نے احتجاج کیا۔

بقیہ
32

ریلوے حکام نے مسافروں کی سہولت کے لیے نئی ٹرینیں چلانے کا اعلان کیا۔

ریلوے حکام نے مسافروں کی سہولت کے لیے نئی ٹرینیں چلانے کا اعلان کیا۔

ریلوے حکام نے مسافروں کی سہولت کے لیے نئی ٹرینیں چلانے کا اعلان کیا۔

بقیہ
25

حکومت نے سرکاری اداروں کی نجکاری کے عمل کو آگے بڑھانے کا فیصلہ کیا ہے۔

حکومت نے سرکاری اداروں کی نجکاری کے عمل کو آگے بڑھانے کا فیصلہ کیا ہے۔

حکومت نے سرکاری اداروں کی نجکاری کے عمل کو آگے بڑھانے کا فیصلہ کیا ہے۔

حکومت نے سرکاری اداروں کی نجکاری کے عمل کو آگے بڑھانے کا فیصلہ کیا ہے۔

حکومت نے سرکاری اداروں کی نجکاری کے عمل کو آگے بڑھانے کا فیصلہ کیا ہے۔

حکومت نے سرکاری اداروں کی نجکاری کے عمل کو آگے بڑھانے کا فیصلہ کیا ہے۔

حکومت نے سرکاری اداروں کی نجکاری کے عمل کو آگے بڑھانے کا فیصلہ کیا ہے۔

حکومت نے سرکاری اداروں کی نجکاری کے عمل کو آگے بڑھانے کا فیصلہ کیا ہے۔

حکومت نے سرکاری اداروں کی نجکاری کے عمل کو آگے بڑھانے کا فیصلہ کیا ہے۔

حکومت نے سرکاری اداروں کی نجکاری کے عمل کو آگے بڑھانے کا فیصلہ کیا ہے۔

بقیہ
26

محکمہ صحت نے موسمی بیماریوں سے بچاؤ کے لیے ایڈوائزری جاری کر دی۔

محکمہ صحت نے موسمی بیماریوں سے بچاؤ کے لیے ایڈوائزری جاری کر دی۔

محکمہ صحت نے موسمی بیماریوں سے بچاؤ کے لیے ایڈوائزری جاری کر دی۔

محکمہ صحت نے موسمی بیماریوں سے بچاؤ کے لیے ایڈوائزری جاری کر دی۔

محکمہ صحت نے موسمی بیماریوں سے بچاؤ کے لیے ایڈوائزری جاری کر دی۔

بقیہ
27

وفاقی کابینہ کے اجلاس میں متعدد اہم فیصلوں کی منظوری دی گئی۔ اجلاس کی صدارت وزیر اعظم نے کی۔

وفاقی کابینہ کے اجلاس میں متعدد اہم فیصلوں کی منظوری دی گئی۔ اجلاس کی صدارت وزیر اعظم نے کی۔

وفاقی کابینہ کے اجلاس میں متعدد اہم فیصلوں کی منظوری دی گئی۔ اجلاس کی صدارت وزیر اعظم نے کی۔

وفاقی کابینہ کے اجلاس میں متعدد اہم فیصلوں کی منظوری دی گئی۔ اجلاس کی صدارت وزیر اعظم نے کی۔

وفاقی کابینہ کے اجلاس میں متعدد اہم فیصلوں کی منظوری دی گئی۔ اجلاس کی صدارت وزیر اعظم نے کی۔

وفاقی کابینہ کے اجلاس میں متعدد اہم فیصلوں کی منظوری دی گئی۔ اجلاس کی صدارت وزیر اعظم نے کی۔

وفاقی کابینہ کے اجلاس میں متعدد اہم فیصلوں کی منظوری دی گئی۔ اجلاس کی صدارت وزیر اعظم نے کی۔

وفاقی کابینہ کے اجلاس میں متعدد اہم فیصلوں کی منظوری دی گئی۔ اجلاس کی صدارت وزیر اعظم نے کی۔

بقیہ
28

انسداد پولیو مہم کا آغاز کر دیا گیا۔ حکام نے والدین سے تعاون کی اپیل کی ہے۔

انسداد پولیو مہم کا آغاز کر دیا گیا۔ حکام نے والدین سے تعاون کی اپیل کی ہے۔

انسداد پولیو مہم کا آغاز کر دیا گیا۔ حکام نے والدین سے تعاون کی اپیل کی ہے۔

انسداد پولیو مہم کا آغاز کر دیا گیا۔ حکام نے والدین سے تعاون کی اپیل کی ہے۔

انسداد پولیو مہم کا آغاز کر دیا گیا۔ حکام نے والدین سے تعاون کی اپیل کی ہے۔

بقیہ
29

الیکشن کمیشن نے بلدیاتی انتخابات کے شیڈول کا اعلان کر دیا۔

الیکشن کمیشن نے بلدیاتی انتخابات کے شیڈول کا اعلان کر دیا۔

الیکشن کمیشن نے بلدیاتی انتخابات کے شیڈول کا اعلان کر دیا۔

الیکشن کمیشن نے بلدیاتی انتخابات کے شیڈول کا اعلان کر دیا۔

بقیہ
31

گیس کی لوڈشیڈنگ کے خلاف شہریوں نے احتجاج کیا۔

گیس کی لوڈشیڈنگ کے خلاف شہریوں نے احتجاج کیا۔

گیس کی لوڈشیڈنگ کے خلاف شہریوں نے احتجاج کیا۔

گیس کی لوڈشیڈنگ کے خلاف شہریوں نے احتجاج کیا۔

بقیہ
32

ریلوے حکام نے مسافروں کی سہولت کے لیے نئی ٹرینیں چلانے کا اعلان کیا۔

ریلوے حکام نے مسافروں کی سہولت کے لیے نئی ٹرینیں چلانے کا اعلان کیا۔

ریلوے حکام نے مسافروں کی سہولت کے لیے نئی ٹرینیں چلانے کا اعلان کیا۔

ریلوے حکام نے مسافروں کی سہولت کے لیے نئی ٹرینیں چلانے کا اعلان کیا۔

ریلوے حکام نے مسافروں کی سہولت کے لیے نئی ٹرینیں چلانے کا اعلان کیا۔

بقیہ
33

وزیر خزانہ نے کہا کہ معیشت درست سمت میں گامزن ہے اور آئندہ سال ترقی کی شرح میں اضافہ متوقع ہے۔

وزیر خزانہ نے کہا کہ معیشت درست سمت میں گامزن ہے اور آئندہ سال ترقی کی شرح میں اضافہ متوقع ہے۔

وزیر خزانہ نے کہا کہ معیشت درست سمت میں گامزن ہے اور آئندہ سال ترقی کی شرح میں اضافہ متوقع ہے۔

وزیر خزانہ نے کہا کہ معیشت درست سمت میں گامزن ہے اور آئندہ سال ترقی کی شرح میں اضافہ متوقع ہے۔

وزیر خزانہ نے کہا کہ معیشت درست سمت میں گامزن ہے اور آئندہ سال ترقی کی شرح میں اضافہ متوقع ہے۔

بقیہ
34

شہری علاقوں میں پانی کی فراہمی بہتر بنانے کے لیے نئے منصوبے شروع کیے جا رہے ہیں۔

شہری علاقوں میں پانی کی فراہمی بہتر بنانے کے لیے نئے منصوبے شروع کیے جا رہے ہیں۔

شہری علاقوں میں پانی کی فراہمی بہتر بنانے کے لیے نئے منصوبے شروع کیے جا رہے ہیں۔

شہری علاقوں میں پانی کی فراہمی بہتر بنانے کے لیے نئے منصوبے شروع کیے جا رہے ہیں۔

شہری علاقوں میں پانی کی فراہمی بہتر بنانے کے لیے نئے منصوبے شروع کیے جا رہے ہیں۔

بقیہ
35

ایوان صنعت و تجارت کے وفد نے وزیر تجارت سے ملاقات کی۔

بقیہ
36

آزاد کشمیر میں برفباری کے باعث رابطہ سڑکیں بند ہو گئیں۔ انتظامیہ نے امدادی کارروائیاں شروع کر دیں۔

آزاد کشمیر میں برفباری کے باعث رابطہ سڑکیں بند ہو گئیں۔ انتظامیہ نے امدادی کارروائیاں شروع کر دیں۔

آزاد کشمیر میں برفباری کے باعث رابطہ سڑکیں بند ہو گئیں۔ انتظامیہ نے امدادی کارروائیاں شروع کر دیں۔

آزاد کشمیر میں برفباری کے باعث رابطہ سڑکیں بند ہو گئیں۔ انتظامیہ نے امدادی کارروائیاں شروع کر دیں۔

آزاد کشمیر میں برفباری کے باعث رابطہ سڑکیں بند ہو گئیں۔ انتظامیہ نے امدادی کارروائیاں شروع کر دیں۔

آزاد کشمیر میں برفباری کے باعث رابطہ سڑکیں بند ہو گئیں۔ انتظامیہ نے امدادی کارروائیاں شروع کر دیں۔

بقیہ
37

ہائر ایجوکیشن کمیشن نے جامعات کے لیے نئے فنڈز کی منظوری دے دی۔

ہائر ایجوکیشن کمیشن نے جامعات کے لیے نئے فنڈز کی منظوری دے دی۔

ہائر ایجوکیشن کمیشن نے جامعات کے لیے نئے فنڈز کی منظوری دے دی۔

ہائر ایجوکیشن کمیشن نے جامعات کے لیے نئے فنڈز کی منظوری دے دی۔

ہائر ایجوکیشن کمیشن نے جامعات کے لیے نئے فنڈز کی منظوری دے دی۔

ہائر ایجوکیشن کمیشن نے جامعات کے لیے نئے فنڈز کی منظوری دے دی۔

ہائر ایجوکیشن کمیشن نے جامعات کے لیے نئے فنڈز کی منظوری دے دی۔

ہائر ایجوکیشن کمیشن نے جامعات کے لیے نئے فنڈز کی منظوری دے دی۔

ہائر ایجوکیشن کمیشن نے جامعات کے لیے نئے فنڈز کی منظوری دے دی۔

بقیہ
38

پاکستان کے مختلف شہروں میں نئے سال کی تقریبات کا انعقاد کیا گیا۔

پاکستان کے مختلف شہروں میں نئے سال کی تقریبات کا انعقاد کیا گیا۔

پاکستان کے مختلف شہروں میں نئے سال کی تقریبات کا انعقاد کیا گیا۔

پاکستان کے مختلف شہروں میں نئے سال کی تقریبات کا انعقاد کیا گیا۔

پاکستان کے مختلف شہروں میں نئے سال کی تقریبات کا انعقاد کیا گیا۔
